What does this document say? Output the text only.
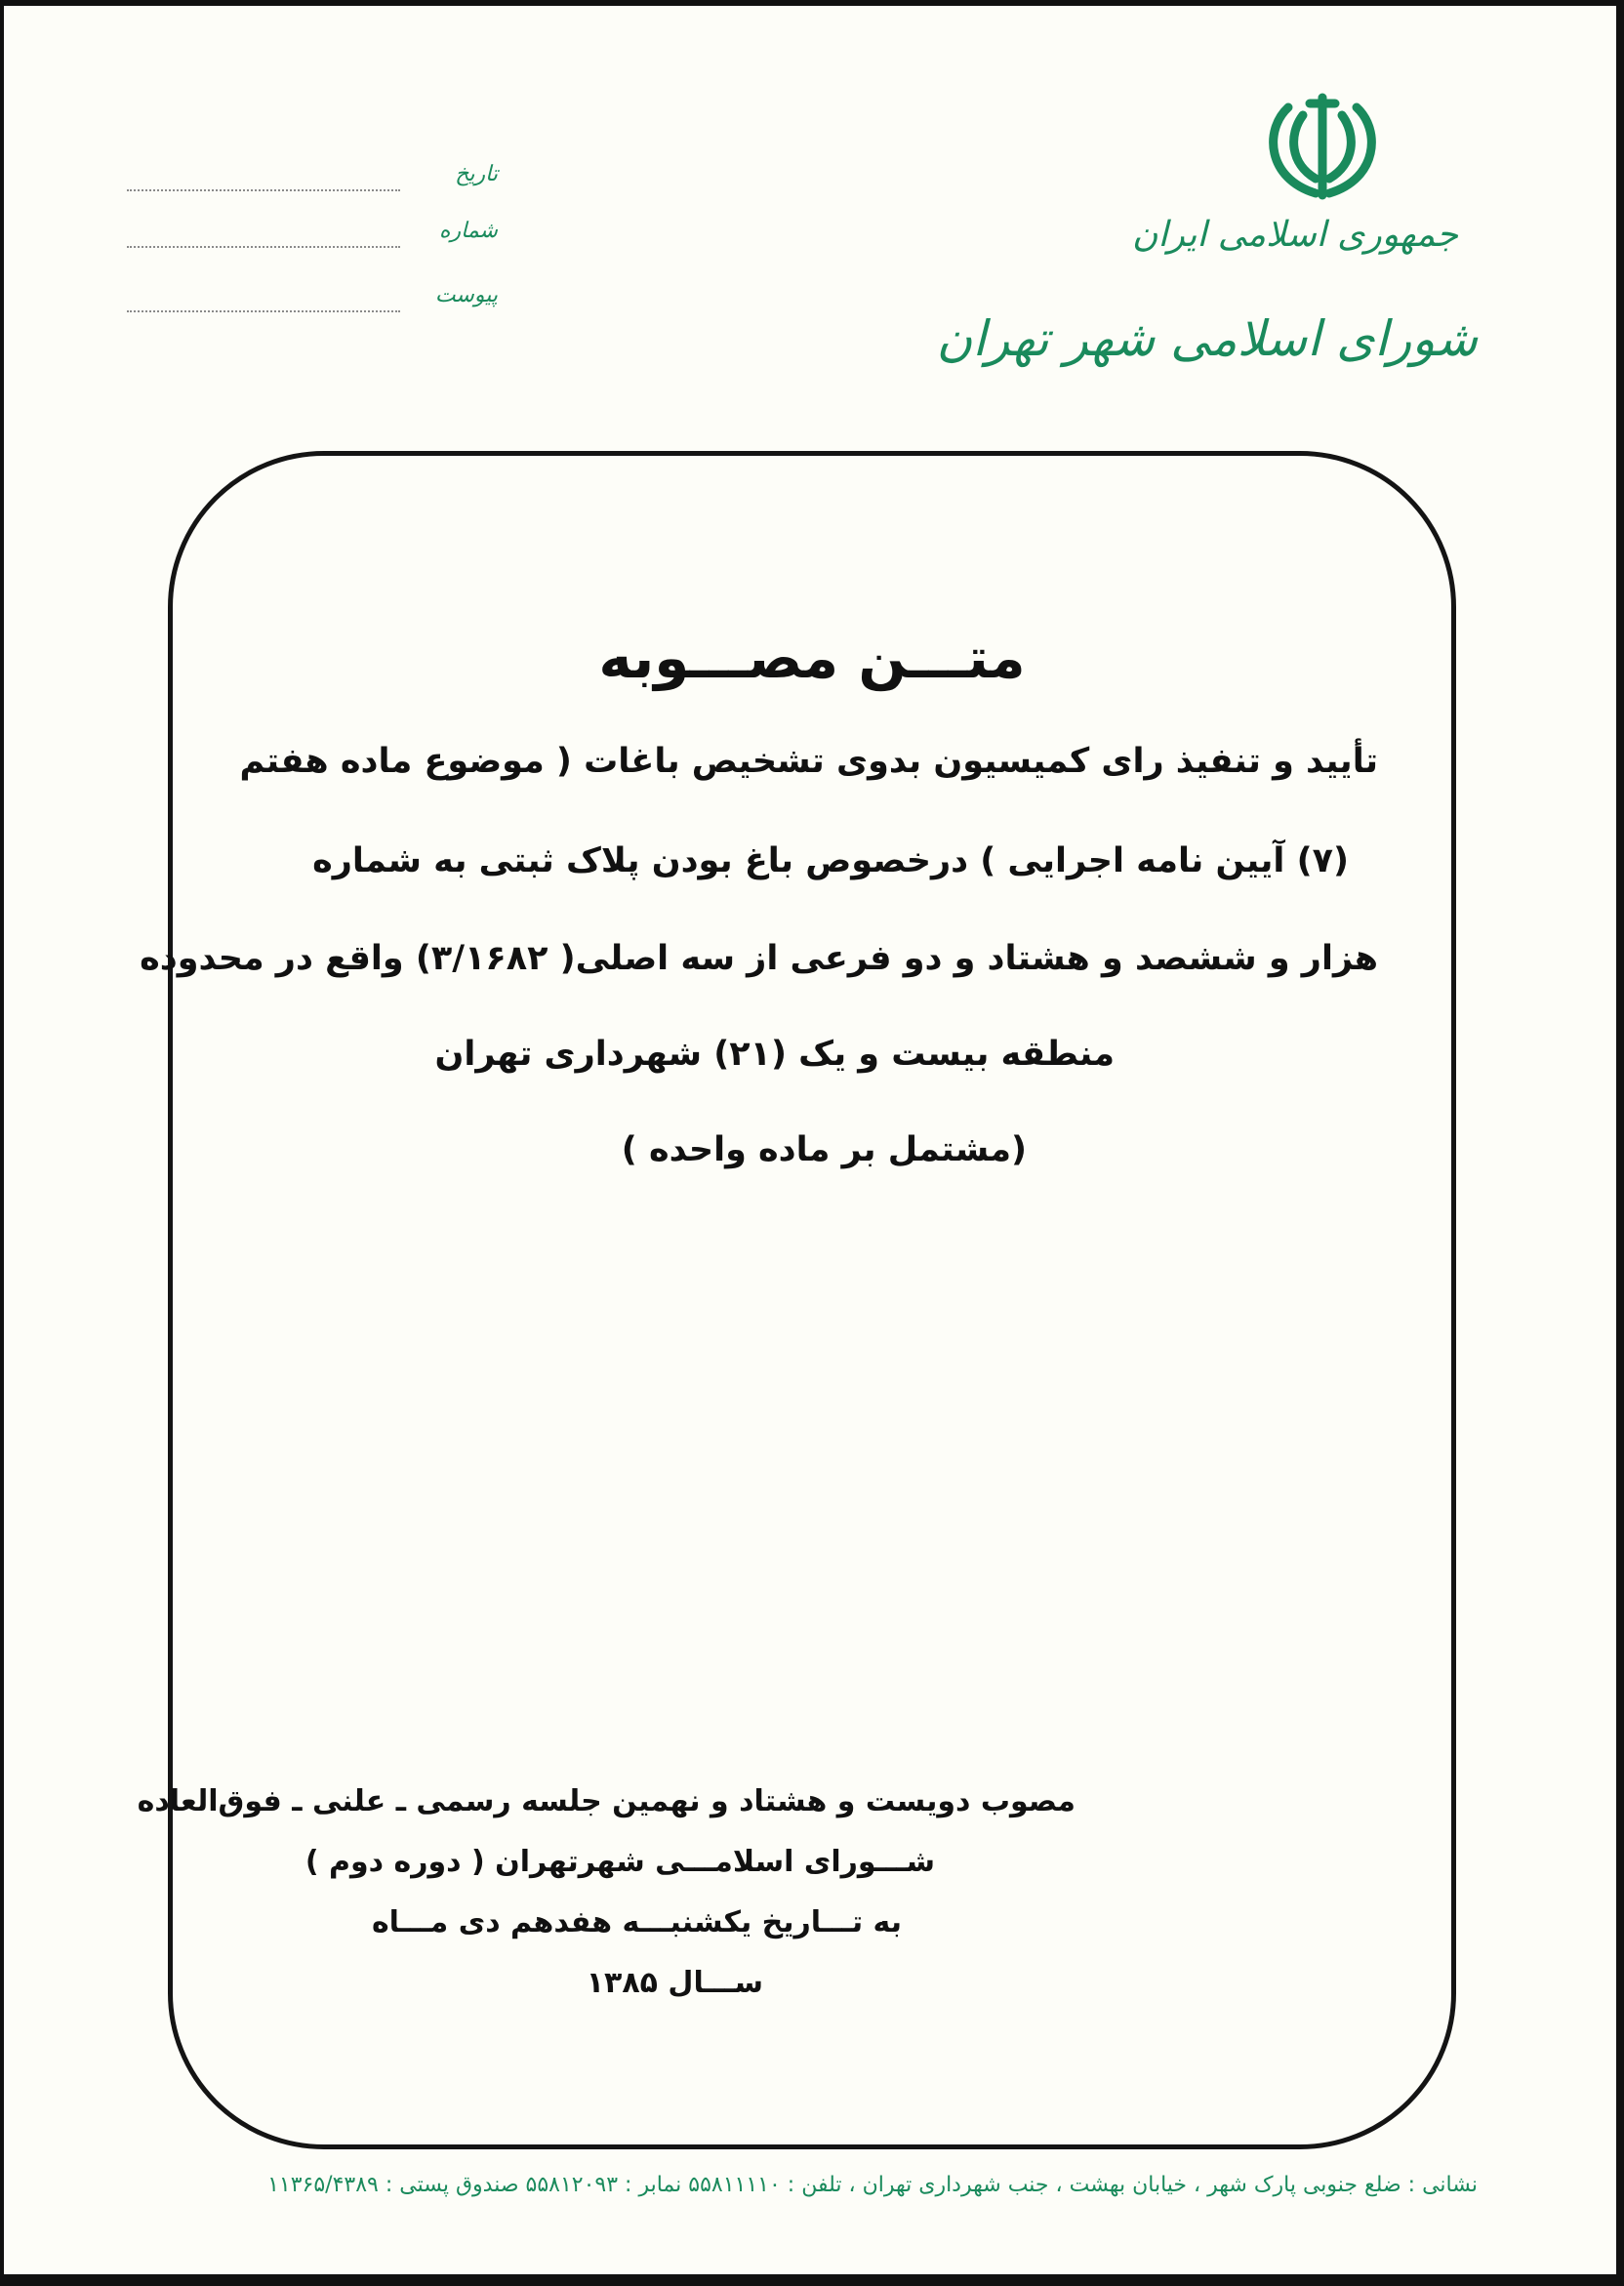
جمهوری اسلامی ایران
شورای اسلامی شهر تهران
تاریخ
شماره
پیوست
متـــن مصـــوبه
تأیید و تنفیذ رای کمیسیون بدوی تشخیص باغات ( موضوع ماده هفتم
(۷) آیین نامه اجرایی ) درخصوص باغ بودن پلاک ثبتی به شماره
هزار و ششصد و هشتاد و دو فرعی از سه اصلی( ۳/۱۶۸۲) واقع در محدوده
منطقه بیست و یک (۲۱) شهرداری تهران
(مشتمل بر ماده واحده )
مصوب دویست و هشتاد و نهمین جلسه رسمی ـ علنی ـ فوق‌العاده
شـــورای اسلامـــی شهرتهران ( دوره دوم )
به تـــاریخ یکشنبـــه هفدهم دی مـــاه
ســـال ۱۳۸۵
نشانی : ضلع جنوبی پارک شهر ، خیابان بهشت ، جنب شهرداری تهران ، تلفن : ۵۵۸۱۱۱۱۰ نمابر : ۵۵۸۱۲۰۹۳ صندوق پستی : ۱۱۳۶۵/۴۳۸۹
